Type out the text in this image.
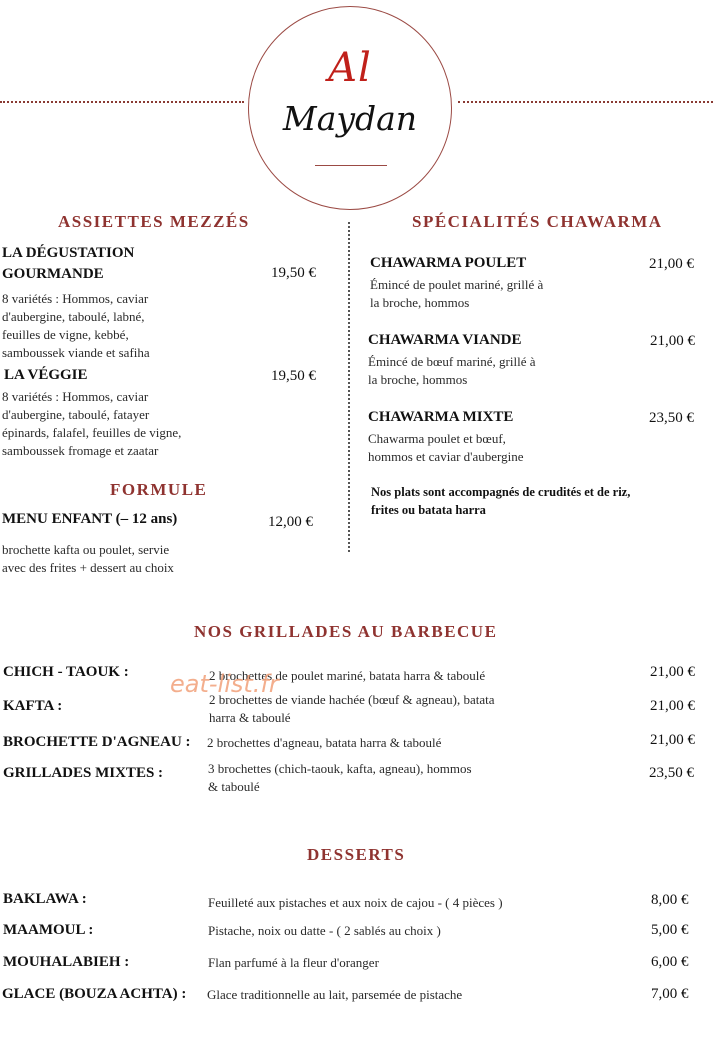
Al
Maydan
ASSIETTES MEZZÉS
LA DÉGUSTATION
GOURMANDE	19,50 €
8 variétés : Hommos, caviar
d'aubergine, taboulé, labné,
feuilles de vigne, kebbé,
samboussek viande et safiha
LA VÉGGIE	19,50 €
8 variétés : Hommos, caviar
d'aubergine, taboulé, fatayer
épinards, falafel, feuilles de vigne,
samboussek fromage et zaatar
FORMULE
MENU ENFANT (– 12 ans)	12,00 €
brochette kafta ou poulet, servie
avec des frites + dessert au choix
SPÉCIALITÉS CHAWARMA
CHAWARMA POULET	21,00 €
Émincé de poulet mariné, grillé à
la broche, hommos
CHAWARMA VIANDE	21,00 €
Émincé de bœuf mariné, grillé à
la broche, hommos
CHAWARMA MIXTE	23,50 €
Chawarma poulet et bœuf,
hommos et caviar d'aubergine
Nos plats sont accompagnés de crudités et de riz,
frites ou batata harra
NOS GRILLADES AU BARBECUE
CHICH - TAOUK :	2 brochettes de poulet mariné, batata harra & taboulé	21,00 €
KAFTA :	2 brochettes de viande hachée (bœuf & agneau), batata
harra & taboulé
21,00 €
BROCHETTE D'AGNEAU : 2 brochettes d'agneau, batata harra & taboulé	21,00 €
GRILLADES MIXTES :	3 brochettes (chich-taouk, kafta, agneau), hommos
& taboulé
23,50 €
eat-list.fr
DESSERTS
BAKLAWA :	Feuilleté aux pistaches et aux noix de cajou - ( 4 pièces )	8,00 €
MAAMOUL :	Pistache, noix ou datte - ( 2 sablés au choix )	5,00 €
MOUHALABIEH :	Flan parfumé à la fleur d'oranger	6,00 €
GLACE (BOUZA ACHTA) : Glace traditionnelle au lait, parsemée de pistache	7,00 €
